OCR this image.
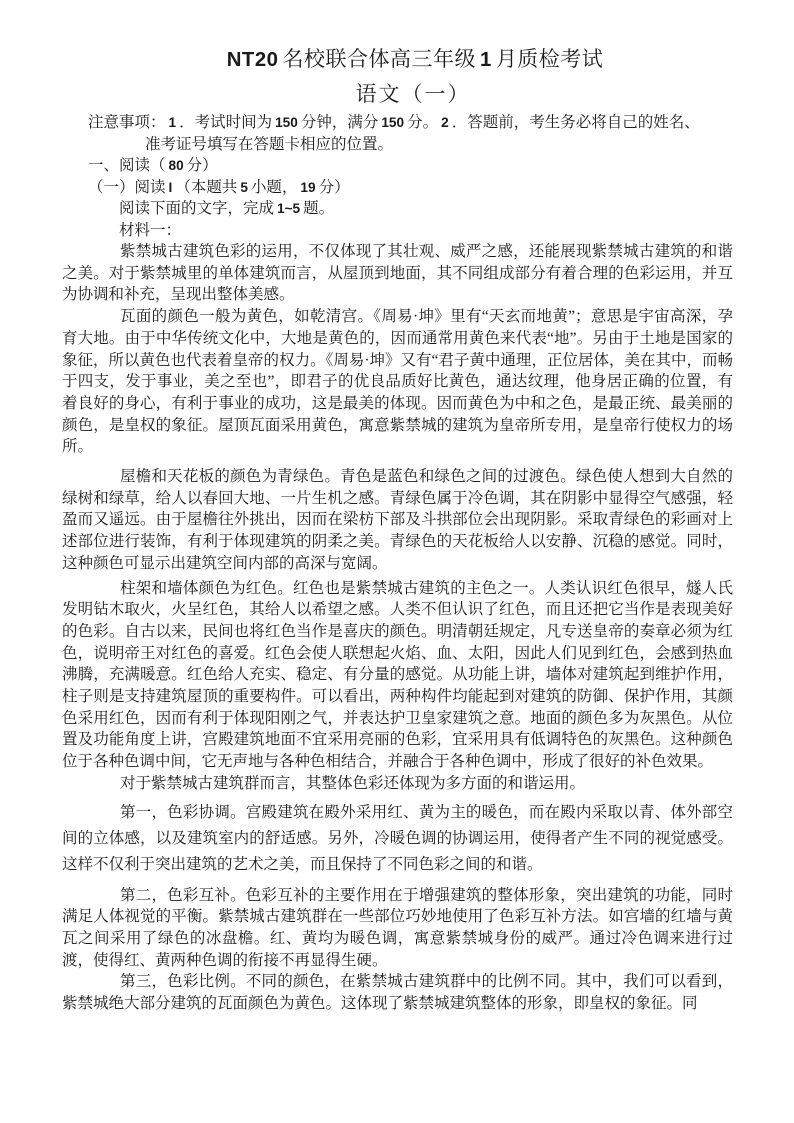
NT20 名校联合体高三年级 1 月质检考试
语文（一）

注意事项： 1 ．考试时间为 150 分钟，满分 150 分。 2 ．答题前，考生务必将自己的姓名、
准考证号填写在答题卡相应的位置。

一、阅读（ 80 分）

（一）阅读 I （本题共 5 小题， 19 分）

阅读下面的文字，完成 1~5 题。

材料一：

紫禁城古建筑色彩的运用，不仅体现了其壮观、威严之感，还能展现紫禁城古建筑的和谐之美。对于紫禁城里的单体建筑而言，从屋顶到地面，其不同组成部分有着合理的色彩运用，并互为协调和补充，呈现出整体美感。

瓦面的颜色一般为黄色，如乾清宫。《周易·坤》里有“天玄而地黄”；意思是宇宙高深，孕育大地。由于中华传统文化中，大地是黄色的，因而通常用黄色来代表“地”。另由于土地是国家的象征，所以黄色也代表着皇帝的权力。《周易·坤》又有“君子黄中通理，正位居体，美在其中，而畅于四支，发于事业，美之至也”，即君子的优良品质好比黄色，通达纹理，他身居正确的位置，有着良好的身心，有利于事业的成功，这是最美的体现。因而黄色为中和之色，是最正统、最美丽的颜色，是皇权的象征。屋顶瓦面采用黄色，寓意紫禁城的建筑为皇帝所专用，是皇帝行使权力的场所。

屋檐和天花板的颜色为青绿色。青色是蓝色和绿色之间的过渡色。绿色使人想到大自然的绿树和绿草，给人以春回大地、一片生机之感。青绿色属于冷色调，其在阴影中显得空气感强，轻盈而又遥远。由于屋檐往外挑出，因而在梁枋下部及斗拱部位会出现阴影。采取青绿色的彩画对上述部位进行装饰，有利于体现建筑的阴柔之美。青绿色的天花板给人以安静、沉稳的感觉。同时，这种颜色可显示出建筑空间内部的高深与宽阔。

柱架和墙体颜色为红色。红色也是紫禁城古建筑的主色之一。人类认识红色很早，燧人氏发明钻木取火，火呈红色，其给人以希望之感。人类不但认识了红色，而且还把它当作是表现美好的色彩。自古以来，民间也将红色当作是喜庆的颜色。明清朝廷规定，凡专送皇帝的奏章必须为红色，说明帝王对红色的喜爱。红色会使人联想起火焰、血、太阳，因此人们见到红色，会感到热血沸腾，充满暖意。红色给人充实、稳定、有分量的感觉。从功能上讲，墙体对建筑起到维护作用，柱子则是支持建筑屋顶的重要构件。可以看出，两种构件均能起到对建筑的防御、保护作用，其颜色采用红色，因而有利于体现阳刚之气，并表达护卫皇家建筑之意。地面的颜色多为灰黑色。从位置及功能角度上讲，宫殿建筑地面不宜采用亮丽的色彩，宜采用具有低调特色的灰黑色。这种颜色位于各种色调中间，它无声地与各种色相结合，并融合于各种色调中，形成了很好的补色效果。

对于紫禁城古建筑群而言，其整体色彩还体现为多方面的和谐运用。

第一，色彩协调。宫殿建筑在殿外采用红、黄为主的暖色，而在殿内采取以青、体外部空间的立体感，以及建筑室内的舒适感。另外，冷暖色调的协调运用，使得者产生不同的视觉感受。这样不仅利于突出建筑的艺术之美，而且保持了不同色彩之间的和谐。

第二，色彩互补。色彩互补的主要作用在于增强建筑的整体形象，突出建筑的功能，同时满足人体视觉的平衡。紫禁城古建筑群在一些部位巧妙地使用了色彩互补方法。如宫墙的红墙与黄瓦之间采用了绿色的冰盘檐。红、黄均为暖色调，寓意紫禁城身份的威严。通过冷色调来进行过渡，使得红、黄两种色调的衔接不再显得生硬。

第三，色彩比例。不同的颜色，在紫禁城古建筑群中的比例不同。其中，我们可以看到，紫禁城绝大部分建筑的瓦面颜色为黄色。这体现了紫禁城建筑整体的形象，即皇权的象征。同
